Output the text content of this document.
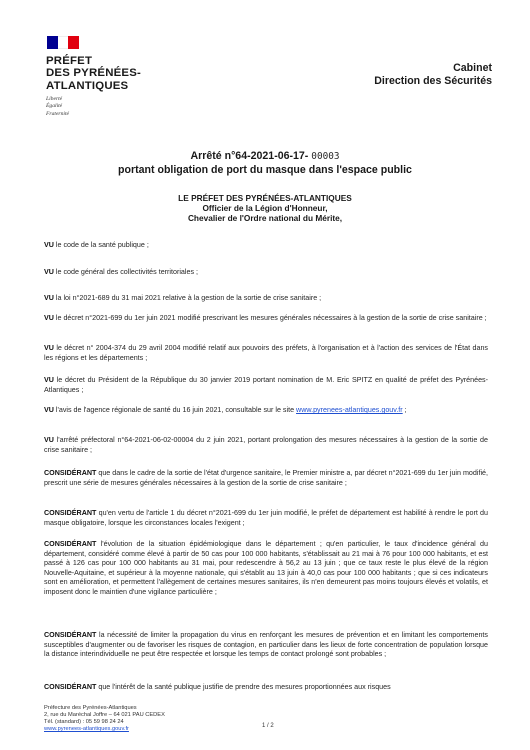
PRÉFET
DES PYRÉNÉES-
ATLANTIQUES
Liberté
Égalité
Fraternité
Cabinet
Direction des Sécurités
Arrêté n°64-2021-06-17- 00003
portant obligation de port du masque dans l'espace public
LE PRÉFET DES PYRÉNÉES-ATLANTIQUES
Officier de la Légion d'Honneur,
Chevalier de l'Ordre national du Mérite,
VU le code de la santé publique ;
VU le code général des collectivités territoriales ;
VU la loi n°2021-689 du 31 mai 2021 relative à la gestion de la sortie de crise sanitaire ;
VU le décret n°2021-699 du 1er juin 2021 modifié prescrivant les mesures générales nécessaires à la gestion de la sortie de crise sanitaire ;
VU le décret n° 2004-374 du 29 avril 2004 modifié relatif aux pouvoirs des préfets, à l'organisation et à l'action des services de l'État dans les régions et les départements ;
VU le décret du Président de la République du 30 janvier 2019 portant nomination de M. Eric SPITZ en qualité de préfet des Pyrénées-Atlantiques ;
VU l'avis de l'agence régionale de santé du 16 juin 2021, consultable sur le site www.pyrenees-atlantiques.gouv.fr ;
VU l'arrêté préfectoral n°64-2021-06-02-00004 du 2 juin 2021, portant prolongation des mesures nécessaires à la gestion de la sortie de crise sanitaire ;
CONSIDÉRANT que dans le cadre de la sortie de l'état d'urgence sanitaire, le Premier ministre a, par décret n°2021-699 du 1er juin modifié, prescrit une série de mesures générales nécessaires à la gestion de la sortie de crise sanitaire ;
CONSIDÉRANT qu'en vertu de l'article 1 du décret n°2021-699 du 1er juin modifié, le préfet de département est habilité à rendre le port du masque obligatoire, lorsque les circonstances locales l'exigent ;
CONSIDÉRANT l'évolution de la situation épidémiologique dans le département ; qu'en particulier, le taux d'incidence général du département, considéré comme élevé à partir de 50 cas pour 100 000 habitants, s'établissait au 21 mai à 76 pour 100 000 habitants, et est passé à 126 cas pour 100 000 habitants au 31 mai, pour redescendre à 56,2 au 13 juin ; que ce taux reste le plus élevé de la région Nouvelle-Aquitaine, et supérieur à la moyenne nationale, qui s'établit au 13 juin à 40,0 cas pour 100 000 habitants ; que si ces indicateurs sont en amélioration, et permettent l'allègement de certaines mesures sanitaires, ils n'en demeurent pas moins toujours élevés et volatils, et imposent donc le maintien d'une vigilance particulière ;
CONSIDÉRANT la nécessité de limiter la propagation du virus en renforçant les mesures de prévention et en limitant les comportements susceptibles d'augmenter ou de favoriser les risques de contagion, en particulier dans les lieux de forte concentration de population lorsque la distance interindividuelle ne peut être respectée et lorsque les temps de contact prolongé sont probables ;
CONSIDÉRANT que l'intérêt de la santé publique justifie de prendre des mesures proportionnées aux risques
Préfecture des Pyrénées-Atlantiques
2, rue du Maréchal Joffre – 64 021 PAU CEDEX
Tél. (standard) : 05 59 98 24 24
www.pyrenees-atlantiques.gouv.fr	1 / 2
